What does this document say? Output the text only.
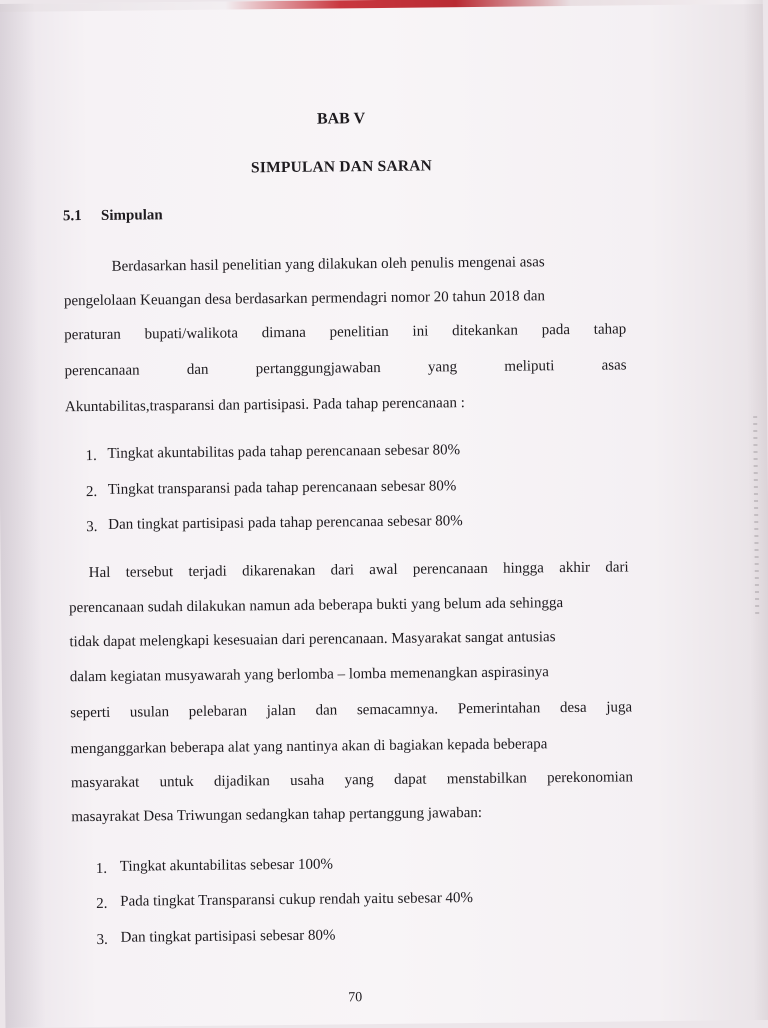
BAB V
SIMPULAN DAN SARAN
5.1 Simpulan
Berdasarkan hasil penelitian yang dilakukan oleh penulis mengenai asas
pengelolaan Keuangan desa berdasarkan permendagri nomor 20 tahun 2018 dan
peraturan bupati/walikota dimana penelitian ini ditekankan pada tahap
perencanaan	dan	pertanggungjawaban	yang	meliputi	asas
Akuntabilitas,trasparansi dan partisipasi. Pada tahap perencanaan :
1. Tingkat akuntabilitas pada tahap perencanaan sebesar 80%
2. Tingkat transparansi pada tahap perencanaan sebesar 80%
3. Dan tingkat partisipasi pada tahap perencanaa sebesar 80%
Hal tersebut terjadi dikarenakan dari awal perencanaan hingga akhir dari
perencanaan sudah dilakukan namun ada beberapa bukti yang belum ada sehingga
tidak dapat melengkapi kesesuaian dari perencanaan. Masyarakat sangat antusias
dalam kegiatan musyawarah yang berlomba – lomba memenangkan aspirasinya
seperti usulan pelebaran jalan dan semacamnya. Pemerintahan desa juga
menganggarkan beberapa alat yang nantinya akan di bagiakan kepada beberapa
masyarakat untuk dijadikan usaha yang dapat menstabilkan perekonomian
masayrakat Desa Triwungan sedangkan tahap pertanggung jawaban:
1. Tingkat akuntabilitas sebesar 100%
2. Pada tingkat Transparansi cukup rendah yaitu sebesar 40%
3. Dan tingkat partisipasi sebesar 80%
70
